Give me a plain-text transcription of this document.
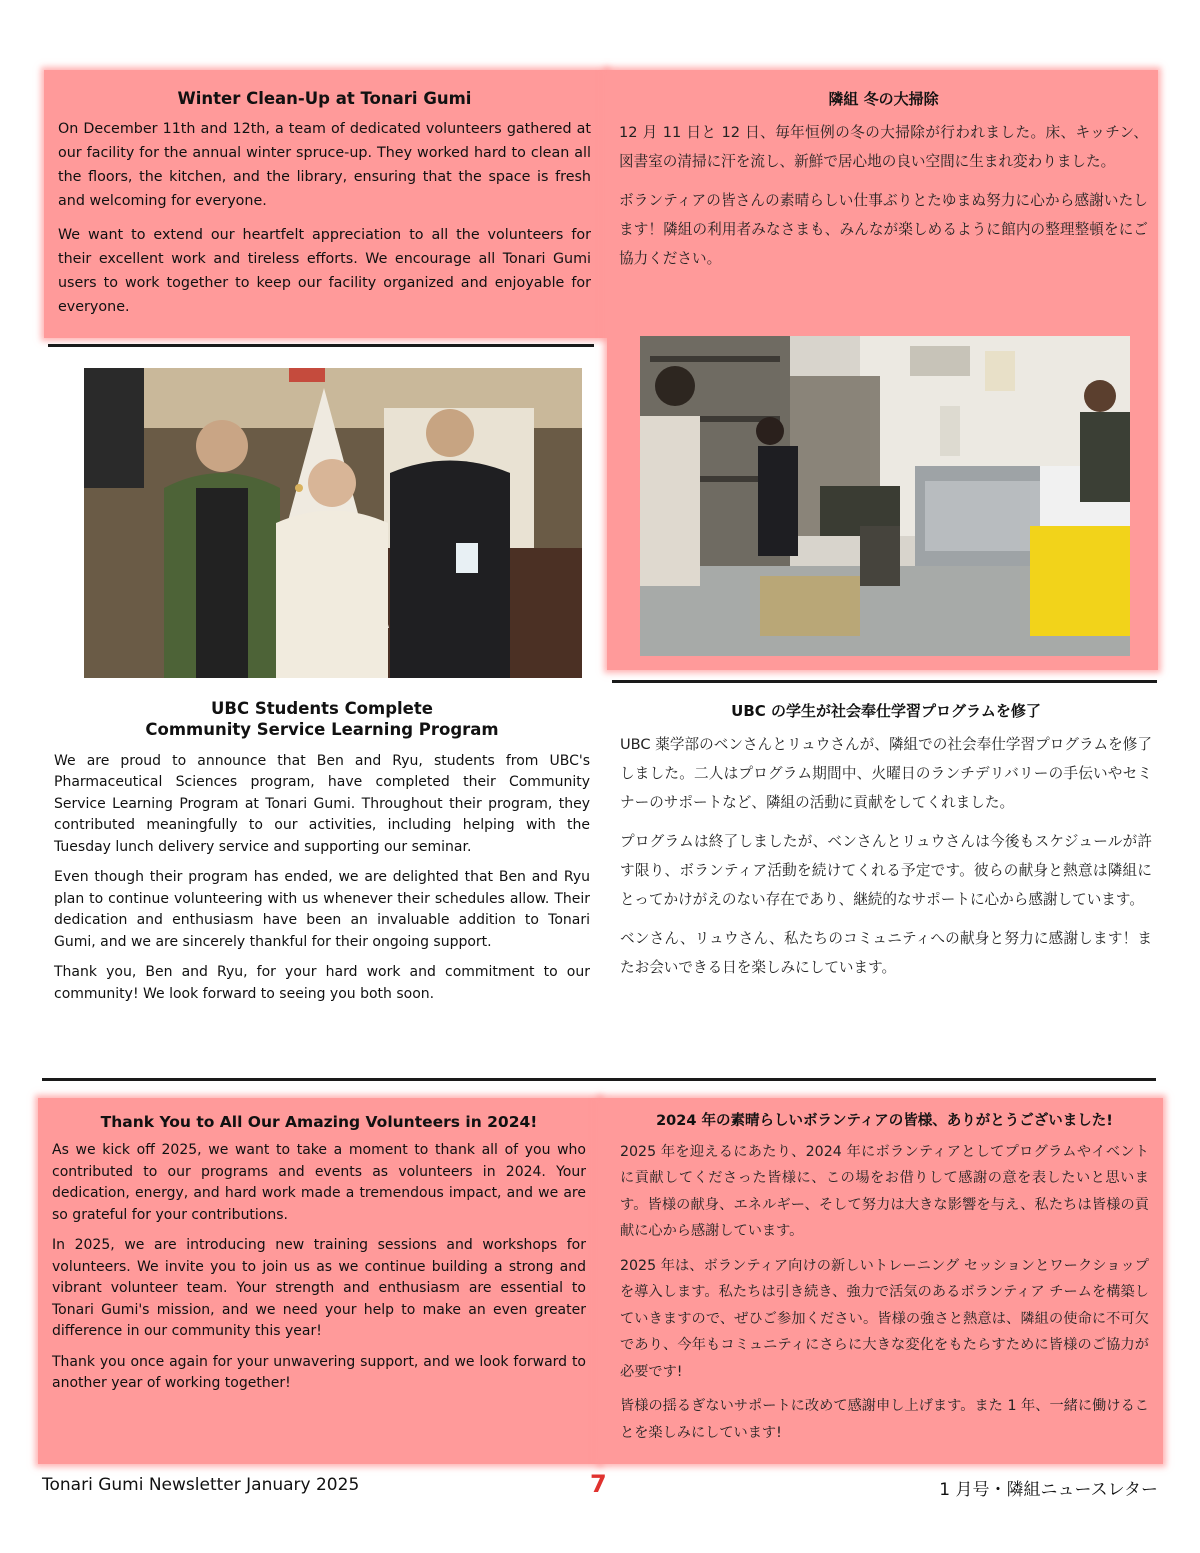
Winter Clean-Up at Tonari Gumi
On December 11th and 12th, a team of dedicated volunteers gathered at our facility for the annual winter spruce-up. They worked hard to clean all the floors, the kitchen, and the library, ensuring that the space is fresh and welcoming for everyone.
We want to extend our heartfelt appreciation to all the volunteers for their excellent work and tireless efforts. We encourage all Tonari Gumi users to work together to keep our facility organized and enjoyable for everyone.
隣組 冬の大掃除
12 月 11 日と 12 日、毎年恒例の冬の大掃除が行われました。床、キッチン、図書室の清掃に汗を流し、新鮮で居心地の良い空間に生まれ変わりました。
ボランティアの皆さんの素晴らしい仕事ぶりとたゆまぬ努力に心から感謝いたします！隣組の利用者みなさまも、みんなが楽しめるように館内の整理整頓をにご協力ください。
UBC Students Complete
Community Service Learning Program
We are proud to announce that Ben and Ryu, students from UBC's Pharmaceutical Sciences program, have completed their Community Service Learning Program at Tonari Gumi. Throughout their program, they contributed meaningfully to our activities, including helping with the Tuesday lunch delivery service and supporting our seminar.
Even though their program has ended, we are delighted that Ben and Ryu plan to continue volunteering with us whenever their schedules allow. Their dedication and enthusiasm have been an invaluable addition to Tonari Gumi, and we are sincerely thankful for their ongoing support.
Thank you, Ben and Ryu, for your hard work and commitment to our community! We look forward to seeing you both soon.
UBC の学生が社会奉仕学習プログラムを修了
UBC 薬学部のベンさんとリュウさんが、隣組での社会奉仕学習プログラムを修了しました。二人はプログラム期間中、火曜日のランチデリバリーの手伝いやセミナーのサポートなど、隣組の活動に貢献をしてくれました。
プログラムは終了しましたが、ベンさんとリュウさんは今後もスケジュールが許す限り、ボランティア活動を続けてくれる予定です。彼らの献身と熱意は隣組にとってかけがえのない存在であり、継続的なサポートに心から感謝しています。
ベンさん、リュウさん、私たちのコミュニティへの献身と努力に感謝します！またお会いできる日を楽しみにしています。
Thank You to All Our Amazing Volunteers in 2024!
As we kick off 2025, we want to take a moment to thank all of you who contributed to our programs and events as volunteers in 2024. Your dedication, energy, and hard work made a tremendous impact, and we are so grateful for your contributions.
In 2025, we are introducing new training sessions and workshops for volunteers. We invite you to join us as we continue building a strong and vibrant volunteer team. Your strength and enthusiasm are essential to Tonari Gumi's mission, and we need your help to make an even greater difference in our community this year!
Thank you once again for your unwavering support, and we look forward to another year of working together!
2024 年の素晴らしいボランティアの皆様、ありがとうございました!
2025 年を迎えるにあたり、2024 年にボランティアとしてプログラムやイベントに貢献してくださった皆様に、この場をお借りして感謝の意を表したいと思います。皆様の献身、エネルギー、そして努力は大きな影響を与え、私たちは皆様の貢献に心から感謝しています。
2025 年は、ボランティア向けの新しいトレーニング セッションとワークショップを導入します。私たちは引き続き、強力で活気のあるボランティア チームを構築していきますので、ぜひご参加ください。皆様の強さと熱意は、隣組の使命に不可欠であり、今年もコミュニティにさらに大きな変化をもたらすために皆様のご協力が必要です!
皆様の揺るぎないサポートに改めて感謝申し上げます。また 1 年、一緒に働けることを楽しみにしています!
Tonari Gumi Newsletter January 2025	7	1 月号・隣組ニュースレター
